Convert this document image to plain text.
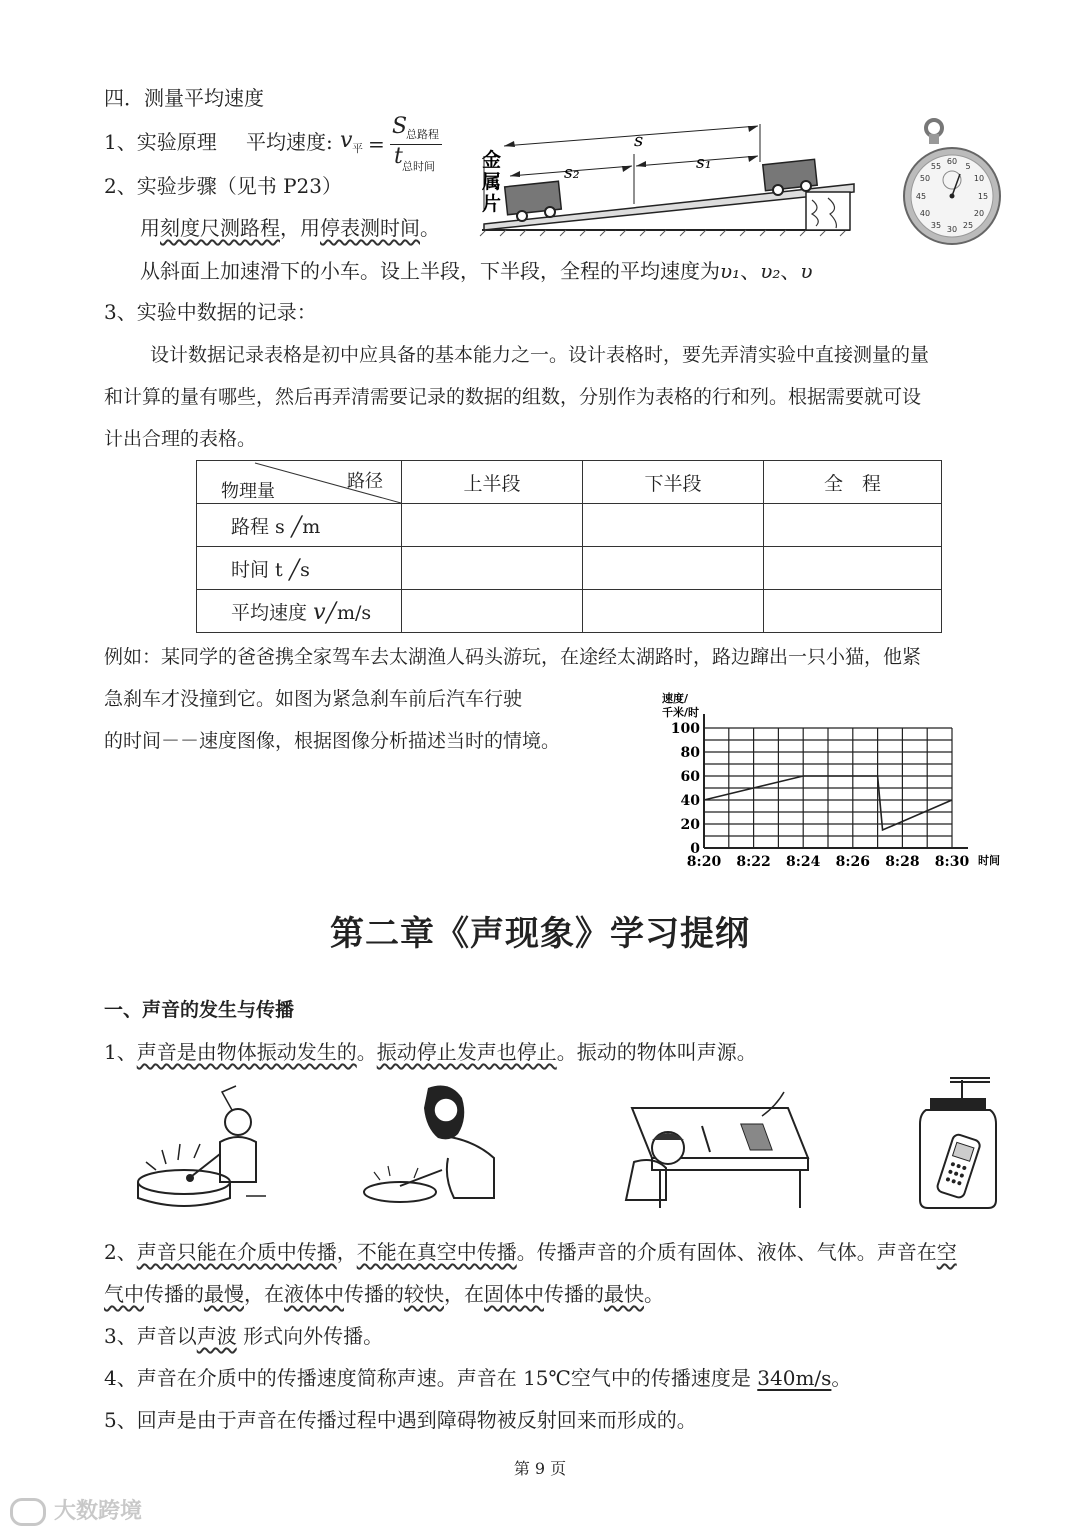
四．测量平均速度
1、实验原理 平均速度: v 平 =
S
总路程
t 总时间
2、实验步骤（见书 P23）
用刻度尺测路程，用停表测时间。
从斜面上加速滑下的小车。设上半段，下半段，全程的平均速度为υ₁、υ₂、υ
s
s₁
s₂
金
属
片
60
5
10
15
20
25
30
35
40
45
50
55
3、实验中数据的记录：
设计数据记录表格是初中应具备的基本能力之一。设计表格时，要先弄清实验中直接测量的量
和计算的量有哪些，然后再弄清需要记录的数据的组数，分别作为表格的行和列。根据需要就可设
计出合理的表格。
路径
物理量	上半段	下半段	全　程
路程 s ╱m			
时间 t ╱s			
平均速度 v╱m/s			
例如：某同学的爸爸携全家驾车去太湖渔人码头游玩，在途经太湖路时，路边蹿出一只小猫，他紧
急刹车才没撞到它。如图为紧急刹车前后汽车行驶
的时间－－速度图像，根据图像分析描述当时的情境。
速度/
千米/时
时间
0
20
40
60
80
100
8:20 8:22 8:24 8:26 8:28 8:30
第二章《声现象》学习提纲
一、声音的发生与传播
1、声音是由物体振动发生的。振动停止发声也停止。振动的物体叫声源。
2、声音只能在介质中传播，不能在真空中传播。传播声音的介质有固体、液体、气体。声音在空
气中传播的最慢，在液体中传播的较快，在固体中传播的最快。
3、声音以声波 形式向外传播。
4、声音在介质中的传播速度简称声速。声音在 15℃空气中的传播速度是 340m/s。
5、回声是由于声音在传播过程中遇到障碍物被反射回来而形成的。
第 9 页
大数跨境
